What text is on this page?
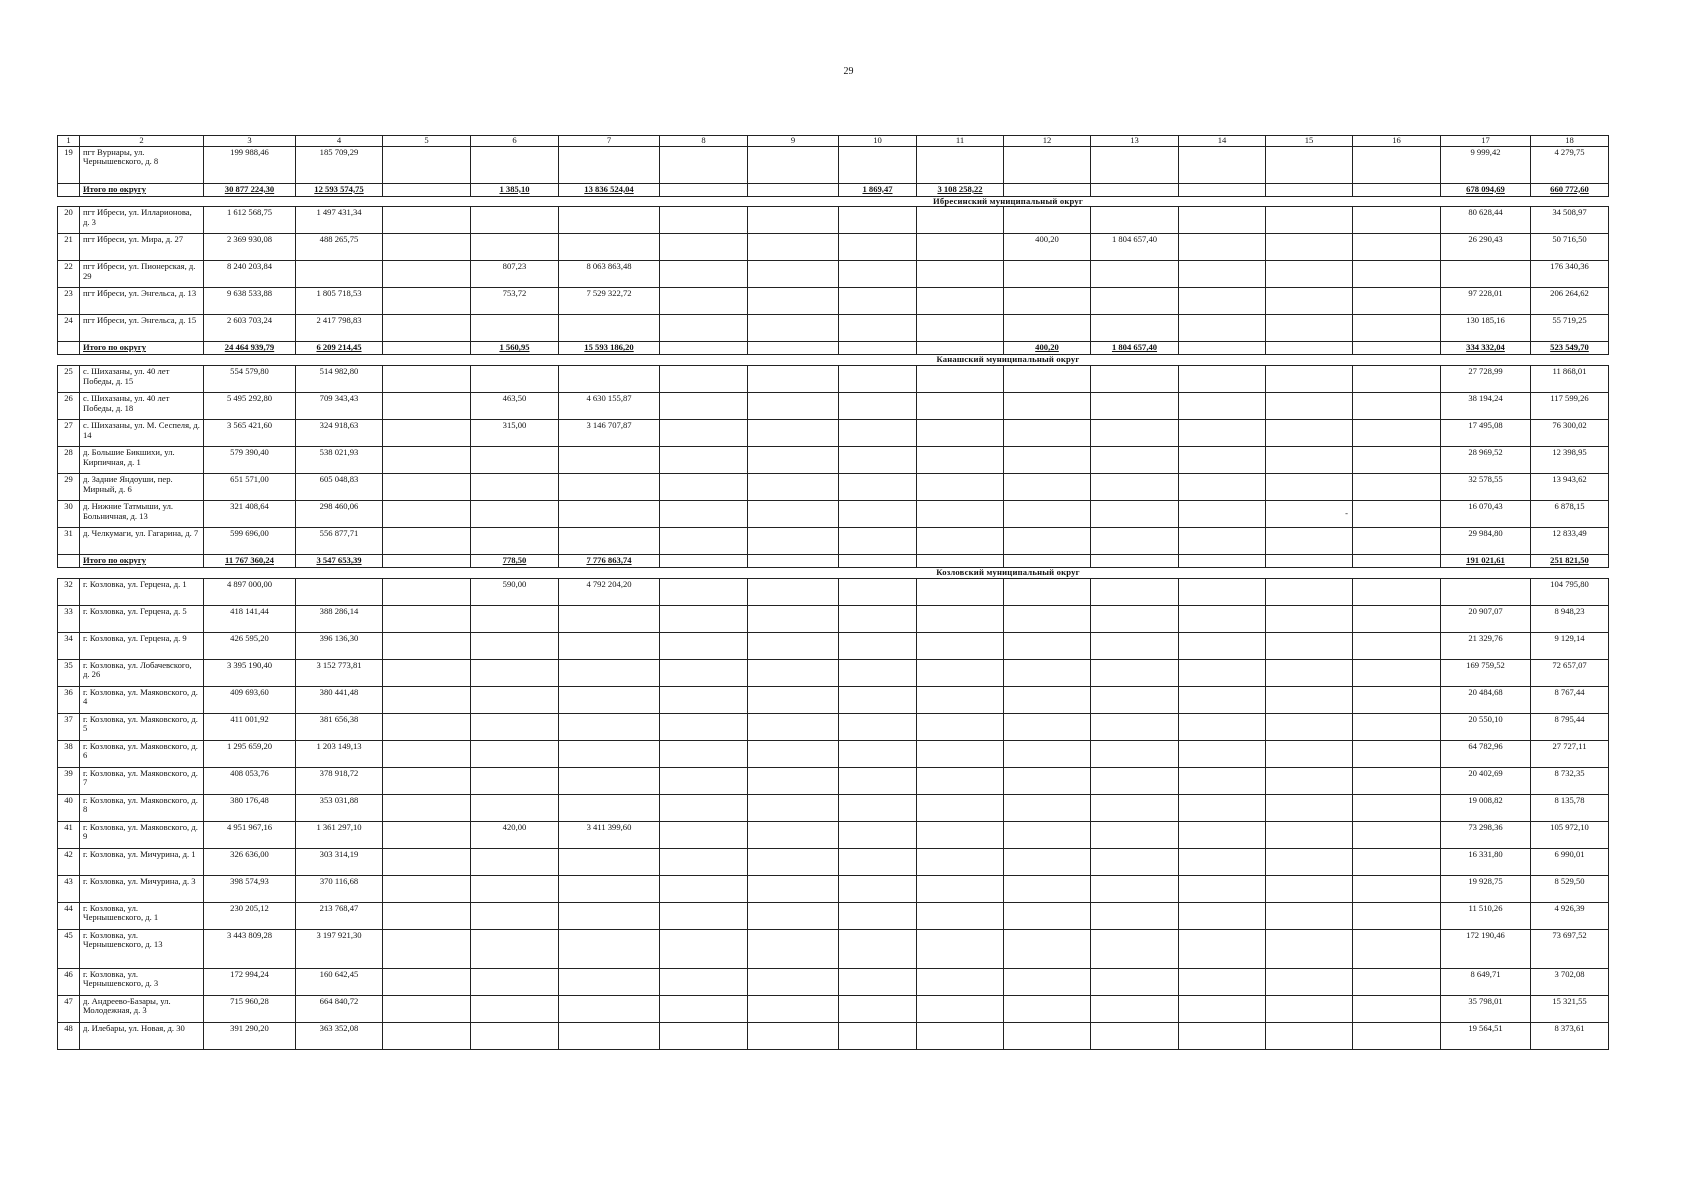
29
1	2	3	4	5	6	7	8	9	10	11	12	13	14	15	16	17	18
19	пгт Вурнары, ул. Чернышевского, д. 8	199 988,46	185 709,29													9 999,42	4 279,75
	Итого по округу	30 877 224,30	12 593 574,75		1 385,10	13 836 524,04			1 869,47	3 108 258,22						678 094,69	660 772,60
Ибресинский муниципальный округ																	
20	пгт Ибреси, ул. Илларионова, д. 3	1 612 568,75	1 497 431,34													80 628,44	34 508,97
21	пгт Ибреси, ул. Мира, д. 27	2 369 930,08	488 265,75								400,20	1 804 657,40				26 290,43	50 716,50
22	пгт Ибреси, ул. Пионерская, д. 29	8 240 203,84			807,23	8 063 863,48											176 340,36
23	пгт Ибреси, ул. Энгельса, д. 13	9 638 533,88	1 805 718,53		753,72	7 529 322,72										97 228,01	206 264,62
24	пгт Ибреси, ул. Энгельса, д. 15	2 603 703,24	2 417 798,83													130 185,16	55 719,25
	Итого по округу	24 464 939,79	6 209 214,45		1 560,95	15 593 186,20					400,20	1 804 657,40				334 332,04	523 549,70
Канашский муниципальный округ																	
25	с. Шихазаны, ул. 40 лет Победы, д. 15	554 579,80	514 982,80													27 728,99	11 868,01
26	с. Шихазаны, ул. 40 лет Победы, д. 18	5 495 292,80	709 343,43		463,50	4 630 155,87										38 194,24	117 599,26
27	с. Шихазаны, ул. М. Сеспеля, д. 14	3 565 421,60	324 918,63		315,00	3 146 707,87										17 495,08	76 300,02
28	д. Большие Бикшихи, ул. Кирпичная, д. 1	579 390,40	538 021,93													28 969,52	12 398,95
29	д. Задние Яндоуши, пер. Мирный, д. 6	651 571,00	605 048,83													32 578,55	13 943,62
30	д. Нижние Татмыши, ул. Больничная, д. 13	321 408,64	298 460,06											-		16 070,43	6 878,15
31	д. Челкумаги, ул. Гагарина, д. 7	599 696,00	556 877,71													29 984,80	12 833,49
	Итого по округу	11 767 360,24	3 547 653,39		778,50	7 776 863,74										191 021,61	251 821,50
Козловский муниципальный округ																	
32	г. Козловка, ул. Герцена, д. 1	4 897 000,00			590,00	4 792 204,20											104 795,80
33	г. Козловка, ул. Герцена, д. 5	418 141,44	388 286,14													20 907,07	8 948,23
34	г. Козловка, ул. Герцена, д. 9	426 595,20	396 136,30													21 329,76	9 129,14
35	г. Козловка, ул. Лобачевского, д. 26	3 395 190,40	3 152 773,81													169 759,52	72 657,07
36	г. Козловка, ул. Маяковского, д. 4	409 693,60	380 441,48													20 484,68	8 767,44
37	г. Козловка, ул. Маяковского, д. 5	411 001,92	381 656,38													20 550,10	8 795,44
38	г. Козловка, ул. Маяковского, д. 6	1 295 659,20	1 203 149,13													64 782,96	27 727,11
39	г. Козловка, ул. Маяковского, д. 7	408 053,76	378 918,72													20 402,69	8 732,35
40	г. Козловка, ул. Маяковского, д. 8	380 176,48	353 031,88													19 008,82	8 135,78
41	г. Козловка, ул. Маяковского, д. 9	4 951 967,16	1 361 297,10		420,00	3 411 399,60										73 298,36	105 972,10
42	г. Козловка, ул. Мичурина, д. 1	326 636,00	303 314,19													16 331,80	6 990,01
43	г. Козловка, ул. Мичурина, д. 3	398 574,93	370 116,68													19 928,75	8 529,50
44	г. Козловка, ул. Чернышевского, д. 1	230 205,12	213 768,47													11 510,26	4 926,39
45	г. Козловка, ул. Чернышевского, д. 13	3 443 809,28	3 197 921,30													172 190,46	73 697,52
46	г. Козловка, ул. Чернышевского, д. 3	172 994,24	160 642,45													8 649,71	3 702,08
47	д. Андреево-Базары, ул. Молодежная, д. 3	715 960,28	664 840,72													35 798,01	15 321,55
48	д. Илебары, ул. Новая, д. 30	391 290,20	363 352,08													19 564,51	8 373,61
